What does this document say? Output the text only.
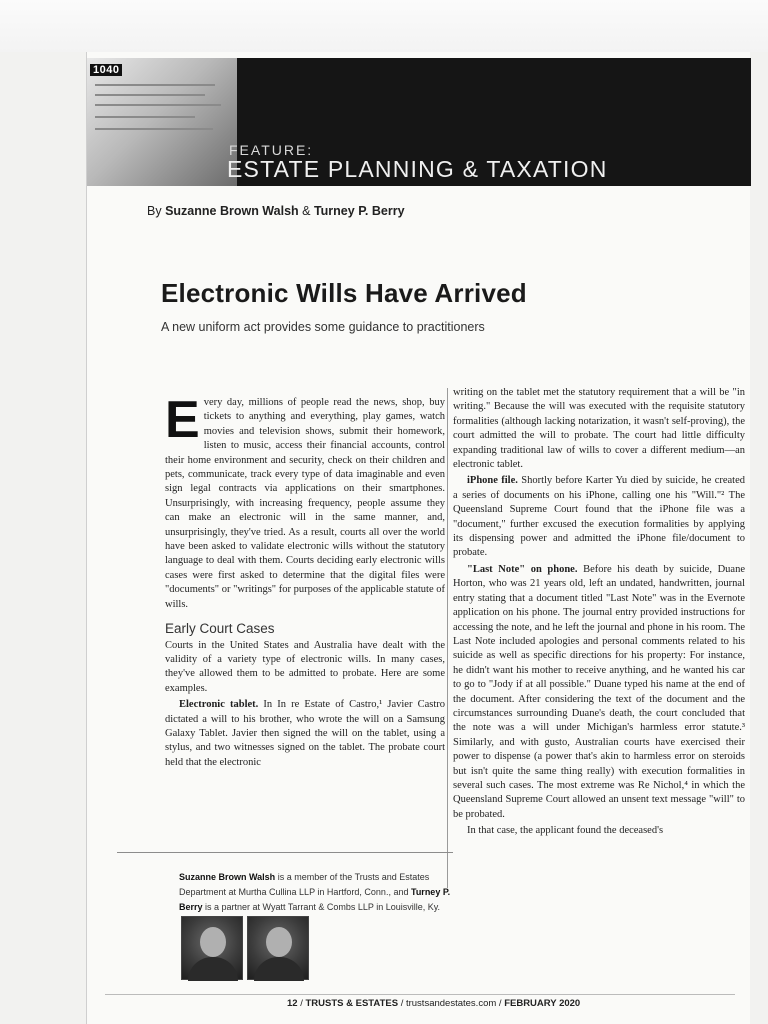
1040
FEATURE:
ESTATE PLANNING & TAXATION
By Suzanne Brown Walsh & Turney P. Berry
Electronic Wills Have Arrived
A new uniform act provides some guidance to practitioners

Every day, millions of people read the news, shop, buy tickets to anything and everything, play games, watch movies and television shows, submit their homework, listen to music, access their financial accounts, control their home environment and security, check on their children and pets, communicate, track every type of data imaginable and even sign legal contracts via applications on their smartphones. Unsurprisingly, with increasing frequency, people assume they can make an electronic will in the same manner, and, unsurprisingly, they've tried. As a result, courts all over the world have been asked to validate electronic wills without the statutory language to deal with them. Courts deciding early electronic wills cases were first asked to determine that the digital files were "documents" or "writings" for purposes of the applicable statute of wills.

Early Court Cases

Courts in the United States and Australia have dealt with the validity of a variety type of electronic wills. In many cases, they've allowed them to be admitted to probate. Here are some examples.

Electronic tablet. In In re Estate of Castro,¹ Javier Castro dictated a will to his brother, who wrote the will on a Samsung Galaxy Tablet. Javier then signed the will on the tablet, using a stylus, and two witnesses signed on the tablet. The probate court held that the electronic

writing on the tablet met the statutory requirement that a will be "in writing." Because the will was executed with the requisite statutory formalities (although lacking notarization, it wasn't self-proving), the court admitted the will to probate. The court had little difficulty expanding traditional law of wills to cover a different medium—an electronic tablet.

iPhone file. Shortly before Karter Yu died by suicide, he created a series of documents on his iPhone, calling one his "Will."² The Queensland Supreme Court found that the iPhone file was a "document," further excused the execution formalities by applying its dispensing power and admitted the iPhone file/document to probate.

"Last Note" on phone. Before his death by suicide, Duane Horton, who was 21 years old, left an undated, handwritten, journal entry stating that a document titled "Last Note" was in the Evernote application on his phone. The journal entry provided instructions for accessing the note, and he left the journal and phone in his room. The Last Note included apologies and personal comments related to his suicide as well as specific directions for his property: For instance, he didn't want his mother to receive anything, and he wanted his car to go to "Jody if at all possible." Duane typed his name at the end of the document. After considering the text of the document and the circumstances surrounding Duane's death, the court concluded that the note was a will under Michigan's harmless error statute.³ Similarly, and with gusto, Australian courts have exercised their power to dispense (a power that's akin to harmless error on steroids but isn't quite the same thing really) with execution formalities in several such cases. The most extreme was Re Nichol,⁴ in which the Queensland Supreme Court allowed an unsent text message "will" to be probated.

In that case, the applicant found the deceased's

Suzanne Brown Walsh is a member of the Trusts and Estates Department at Murtha Cullina LLP in Hartford, Conn., and Turney P. Berry is a partner at Wyatt Tarrant & Combs LLP in Louisville, Ky.
12 / TRUSTS & ESTATES / trustsandestates.com / FEBRUARY 2020
